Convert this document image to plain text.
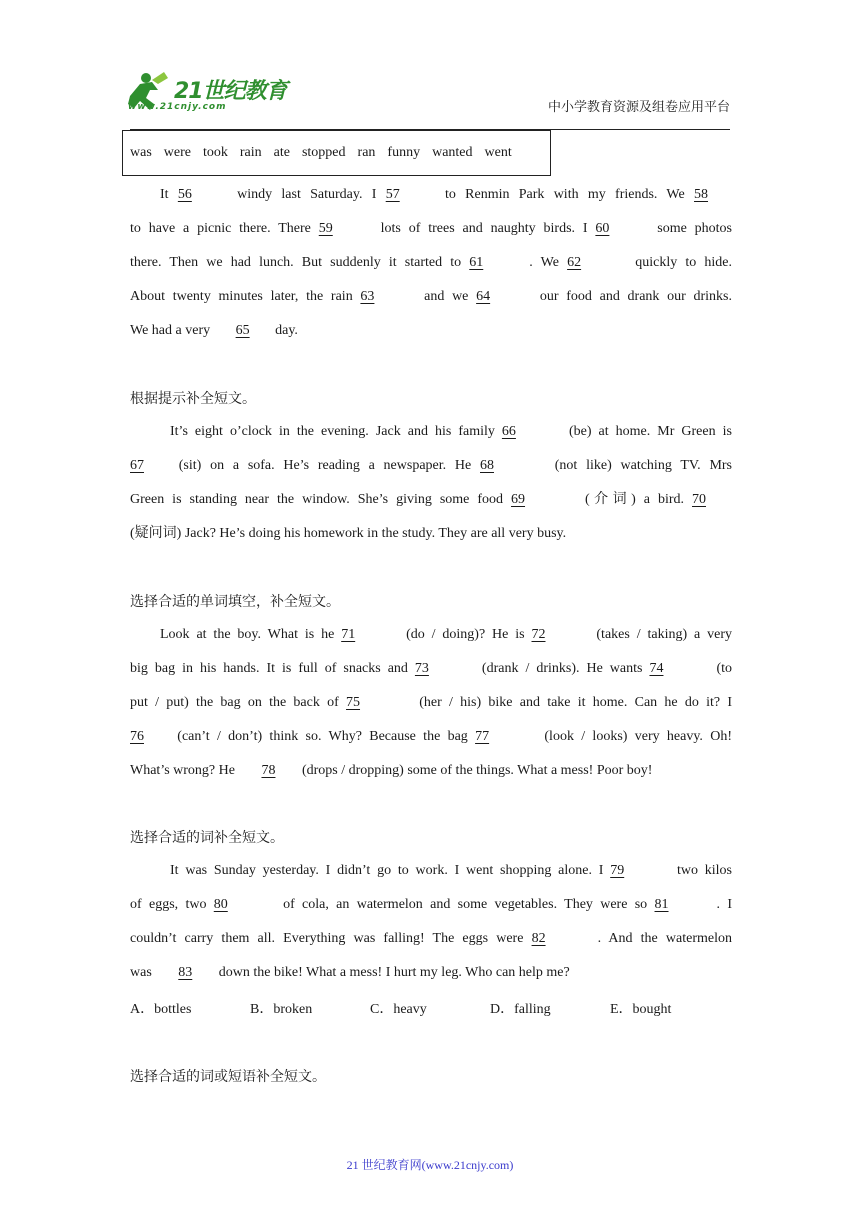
21世纪教育
www.21cnjy.com	中小学教育资源及组卷应用平台
was were took rain ate stopped ran funny wanted went
It 56	windy last Saturday. I 57	to Renmin Park with my friends. We 58
to have a picnic there. There 59	lots of trees and naughty birds. I 60	some photos
there. Then we had lunch. But suddenly it started to 61	. We 62	quickly to hide.
About twenty minutes later, the rain 63	and we 64	our food and drank our drinks.
We had a very 65 day.
根据提示补全短文。
It’s eight o’clock in the evening. Jack and his family 66	(be) at home. Mr Green is
67 (sit) on a sofa. He’s reading a newspaper. He 68	(not like) watching TV. Mrs
Green is standing near the window. She’s giving some food 69	(介词) a bird. 70
(疑问词) Jack? He’s doing his homework in the study. They are all very busy.
选择合适的单词填空，补全短文。
Look at the boy. What is he 71	(do / doing)? He is 72	(takes / taking) a very
big bag in his hands. It is full of snacks and 73	(drank / drinks). He wants 74	(to
put / put) the bag on the back of 75	(her / his) bike and take it home. Can he do it? I
76 (can’t / don’t) think so. Why? Because the bag 77	(look / looks) very heavy. Oh!
What’s wrong? He 78 (drops / dropping) some of the things. What a mess! Poor boy!
选择合适的词补全短文。
It was Sunday yesterday. I didn’t go to work. I went shopping alone. I 79	two kilos
of eggs, two 80	of cola, an watermelon and some vegetables. They were so 81	. I
couldn’t carry them all. Everything was falling! The eggs were 82	. And the watermelon
was 83 down the bike! What a mess! I hurt my leg. Who can help me?
A．bottles	B．broken	C．heavy	D．falling	E．bought
选择合适的词或短语补全短文。
21 世纪教育网(www.21cnjy.com)
